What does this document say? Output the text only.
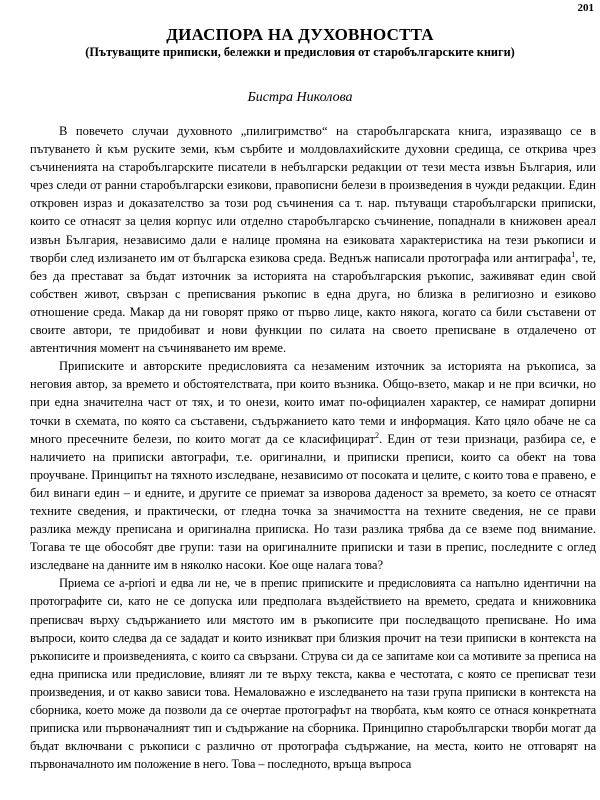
201
ДИАСПОРА НА ДУХОВНОСТТА
(Пътуващите приписки, бележки и предисловия от старобългарските книги)

Бистра Николова

В повечето случаи духовното „пилигримство“ на старобългарската книга, изразяващо се в пътуването ѝ към руските земи, към сърбите и молдовлахийските духовни средища, се открива чрез съчиненията на старобългарските писатели в небългарски редакции от тези места извън България, или чрез следи от ранни старобългарски езикови, правописни белези в произведения в чужди редакции. Един откровен израз и доказателство за този род съчинения са т. нар. пътуващи старобългарски приписки, които се отнасят за целия корпус или отделно старобългарско съчинение, попаднали в книжовен ареал извън България, независимо дали е налице промяна на езиковата характеристика на тези ръкописи и творби след излизането им от българска езикова среда. Веднъж написали протографа или антиграфа$^1$, те, без да престават за бъдат източник за историята на старобългарския ръкопис, заживяват един свой собствен живот, свързан с преписвания ръкопис в една друга, но близка в религиозно и езиково отношение среда. Макар да ни говорят пряко от първо лице, както някога, когато са били съставени от своите автори, те придобиват и нови функции по силата на своето преписване в отдалечено от автентичния момент на съчиняването им време.

Приписките и авторските предисловията са незаменим източник за историята на ръкописа, за неговия автор, за времето и обстоятелствата, при които възника. Общо-взето, макар и не при всички, но при една значителна част от тях, и то онези, които имат по-официален характер, се намират допирни точки в схемата, по която са съставени, съдържанието като теми и информация. Като цяло обаче не са много пресечните белези, по които могат да се класифицират$^2$. Един от тези признаци, разбира се, е наличието на приписки автографи, т.е. оригинални, и приписки преписи, които са обект на това проучване. Принципът на тяхното изследване, независимо от посоката и целите, с които това е правено, е бил винаги един – и едните, и другите се приемат за изворова даденост за времето, за което се отнасят техните сведения, и практически, от гледна точка за значимостта на техните сведения, не се прави разлика между преписана и оригинална приписка. Но тази разлика трябва да се вземе под внимание. Тогава те ще обособят две групи: тази на оригиналните приписки и тази в препис, последните с оглед изследване на данните им в няколко насоки. Кое още налага това?

Приема се a-priori и едва ли не, че в препис приписките и предисловията са напълно идентични на протографите си, като не се допуска или предполага въздействието на времето, средата и книжовника преписвач върху съдържанието или мястото им в ръкописите при последващото преписване. Но има въпроси, които следва да се зададат и които изникват при близкия прочит на тези приписки в контекста на ръкописите и произведенията, с които са свързани. Струва си да се запитаме кои са мотивите за преписа на една приписка или предисловие, влияят ли те върху текста, каква е честотата, с която се преписват тези произведения, и от какво зависи това. Немаловажно е изследването на тази група приписки в контекста на сборника, което може да позволи да се очертае протографът на творбата, към която се отнася конкретната приписка или първоначалният тип и съдържание на сборника. Принципно старобългарски творби могат да бъдат включвани с ръкописи с различно от протографа съдържание, на места, които не отговарят на първоначалното им положение в него. Това – последното, връща въпроса
